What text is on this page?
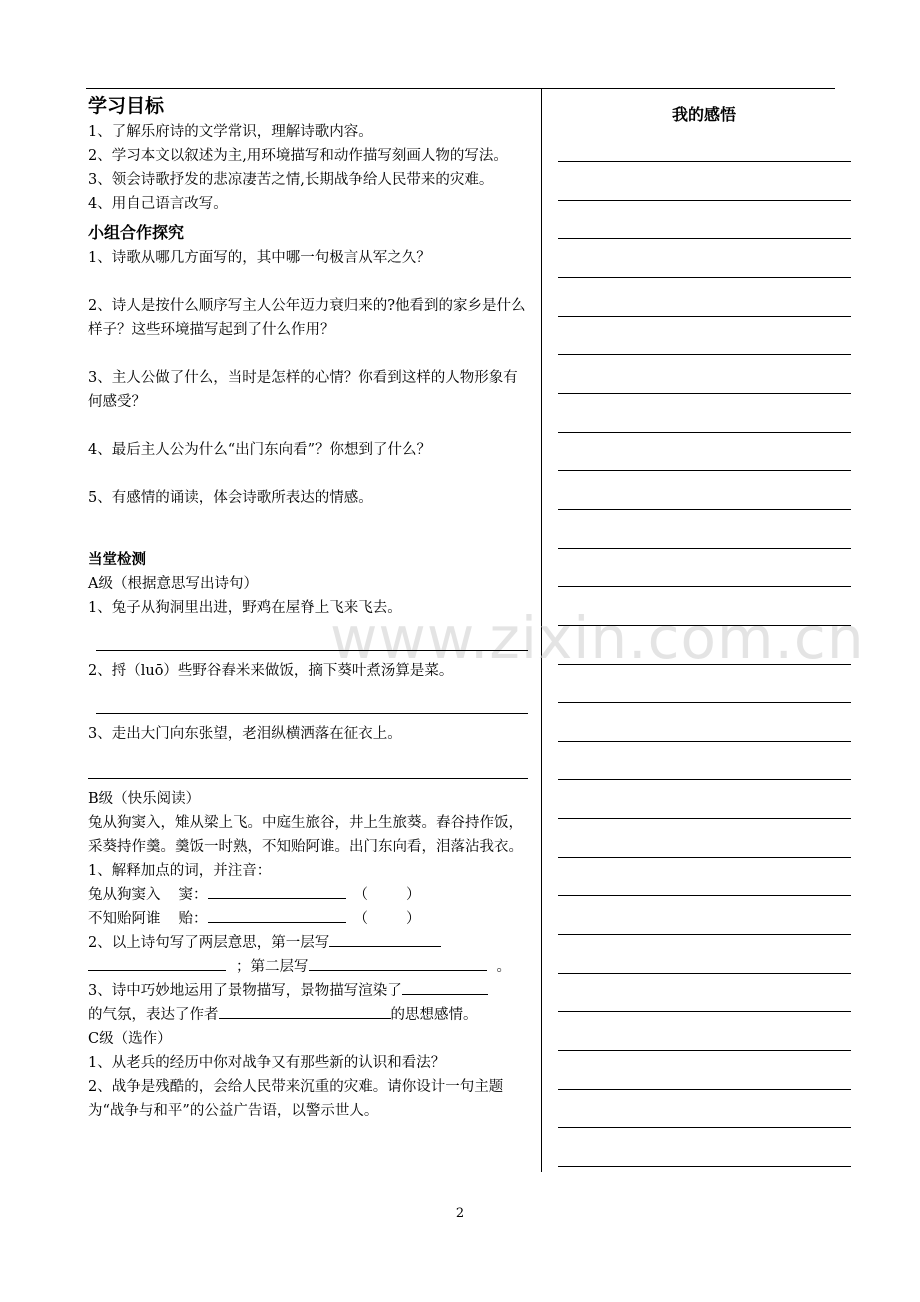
www.zixin.com.cn

学习目标

1、了解乐府诗的文学常识，理解诗歌内容。

2、学习本文以叙述为主,用环境描写和动作描写刻画人物的写法。

3、领会诗歌抒发的悲凉凄苦之情,长期战争给人民带来的灾难。

4、用自己语言改写。

小组合作探究

1、诗歌从哪几方面写的，其中哪一句极言从军之久？

2、诗人是按什么顺序写主人公年迈力衰归来的?他看到的家乡是什么样子？这些环境描写起到了什么作用？

3、主人公做了什么，当时是怎样的心情？你看到这样的人物形象有何感受？

4、最后主人公为什么“出门东向看”？你想到了什么？

5、有感情的诵读，体会诗歌所表达的情感。

当堂检测

A级（根据意思写出诗句）

1、兔子从狗洞里出进，野鸡在屋脊上飞来飞去。

2、捋（luō）些野谷舂米来做饭，摘下葵叶煮汤算是菜。

3、走出大门向东张望，老泪纵横洒落在征衣上。

B级（快乐阅读）

兔从狗窦入，雉从梁上飞。中庭生旅谷，井上生旅葵。舂谷持作饭，采葵持作羹。羹饭一时熟，不知贻阿谁。出门东向看，泪落沾我衣。

1、解释加点的词，并注音：

兔从狗窦入 窦：	（	）

不知贻阿谁 贻：	（	）

2、以上诗句写了两层意思，第一层写

；第二层写	。

3、诗中巧妙地运用了景物描写，景物描写渲染了

的气氛，表达了作者	的思想感情。

C级（选作）

1、从老兵的经历中你对战争又有那些新的认识和看法？

2、战争是残酷的，会给人民带来沉重的灾难。请你设计一句主题为“战争与和平”的公益广告语，以警示世人。

我的感悟
2
